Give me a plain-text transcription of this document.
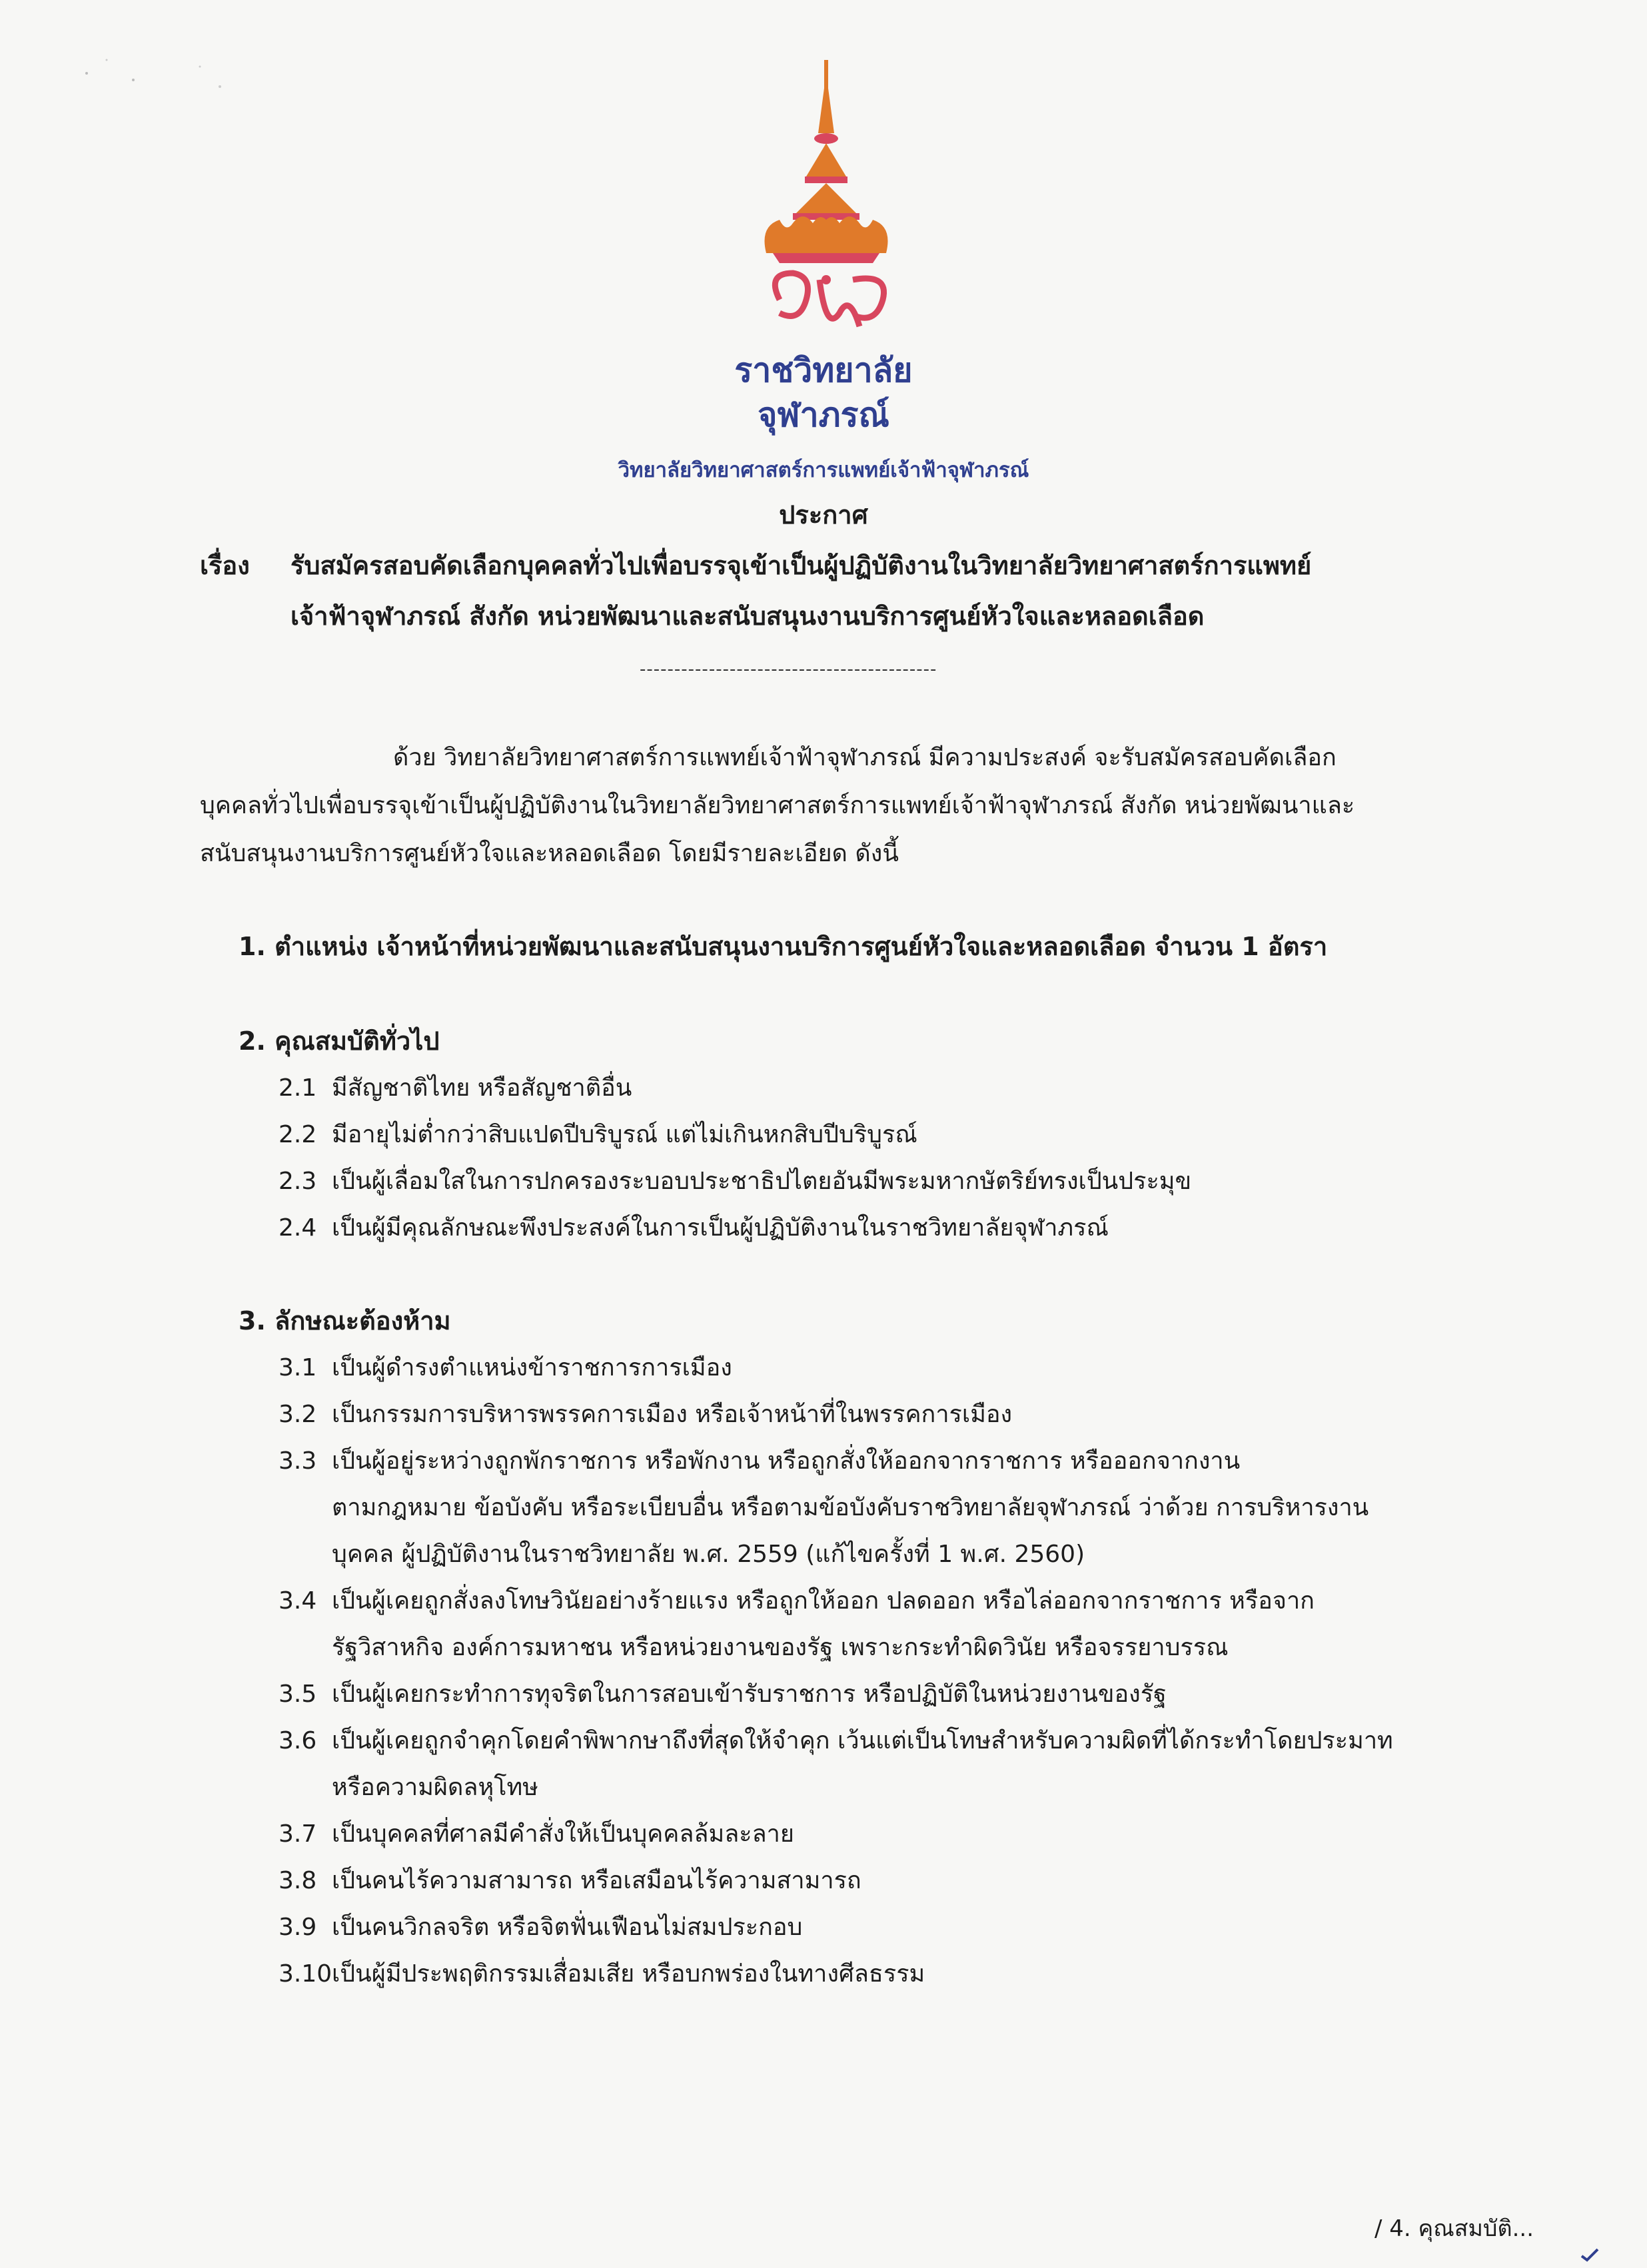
ราชวิทยาลัย
จุฬาภรณ์
วิทยาลัยวิทยาศาสตร์การแพทย์เจ้าฟ้าจุฬาภรณ์
ประกาศ
เรื่อง รับสมัครสอบคัดเลือกบุคคลทั่วไปเพื่อบรรจุเข้าเป็นผู้ปฏิบัติงานในวิทยาลัยวิทยาศาสตร์การแพทย์
เจ้าฟ้าจุฬาภรณ์ สังกัด หน่วยพัฒนาและสนับสนุนงานบริการศูนย์หัวใจและหลอดเลือด
-------------------------------------------
ด้วย วิทยาลัยวิทยาศาสตร์การแพทย์เจ้าฟ้าจุฬาภรณ์ มีความประสงค์ จะรับสมัครสอบคัดเลือก
บุคคลทั่วไปเพื่อบรรจุเข้าเป็นผู้ปฏิบัติงานในวิทยาลัยวิทยาศาสตร์การแพทย์เจ้าฟ้าจุฬาภรณ์ สังกัด หน่วยพัฒนาและ
สนับสนุนงานบริการศูนย์หัวใจและหลอดเลือด โดยมีรายละเอียด ดังนี้
1. ตำแหน่ง เจ้าหน้าที่หน่วยพัฒนาและสนับสนุนงานบริการศูนย์หัวใจและหลอดเลือด จำนวน 1 อัตรา
2. คุณสมบัติทั่วไป
2.1 มีสัญชาติไทย หรือสัญชาติอื่น
2.2 มีอายุไม่ต่ำกว่าสิบแปดปีบริบูรณ์ แต่ไม่เกินหกสิบปีบริบูรณ์
2.3 เป็นผู้เลื่อมใสในการปกครองระบอบประชาธิปไตยอันมีพระมหากษัตริย์ทรงเป็นประมุข
2.4 เป็นผู้มีคุณลักษณะพึงประสงค์ในการเป็นผู้ปฏิบัติงานในราชวิทยาลัยจุฬาภรณ์
3. ลักษณะต้องห้าม
3.1 เป็นผู้ดำรงตำแหน่งข้าราชการการเมือง
3.2 เป็นกรรมการบริหารพรรคการเมือง หรือเจ้าหน้าที่ในพรรคการเมือง
3.3 เป็นผู้อยู่ระหว่างถูกพักราชการ หรือพักงาน หรือถูกสั่งให้ออกจากราชการ หรือออกจากงาน
ตามกฎหมาย ข้อบังคับ หรือระเบียบอื่น หรือตามข้อบังคับราชวิทยาลัยจุฬาภรณ์ ว่าด้วย การบริหารงาน
บุคคล ผู้ปฏิบัติงานในราชวิทยาลัย พ.ศ. 2559 (แก้ไขครั้งที่ 1 พ.ศ. 2560)
3.4 เป็นผู้เคยถูกสั่งลงโทษวินัยอย่างร้ายแรง หรือถูกให้ออก ปลดออก หรือไล่ออกจากราชการ หรือจาก
รัฐวิสาหกิจ องค์การมหาชน หรือหน่วยงานของรัฐ เพราะกระทำผิดวินัย หรือจรรยาบรรณ
3.5 เป็นผู้เคยกระทำการทุจริตในการสอบเข้ารับราชการ หรือปฏิบัติในหน่วยงานของรัฐ
3.6 เป็นผู้เคยถูกจำคุกโดยคำพิพากษาถึงที่สุดให้จำคุก เว้นแต่เป็นโทษสำหรับความผิดที่ได้กระทำโดยประมาท
หรือความผิดลหุโทษ
3.7 เป็นบุคคลที่ศาลมีคำสั่งให้เป็นบุคคลล้มละลาย
3.8 เป็นคนไร้ความสามารถ หรือเสมือนไร้ความสามารถ
3.9 เป็นคนวิกลจริต หรือจิตฟั่นเฟือนไม่สมประกอบ
3.10เป็นผู้มีประพฤติกรรมเสื่อมเสีย หรือบกพร่องในทางศีลธรรม
/ 4. คุณสมบัติ...
